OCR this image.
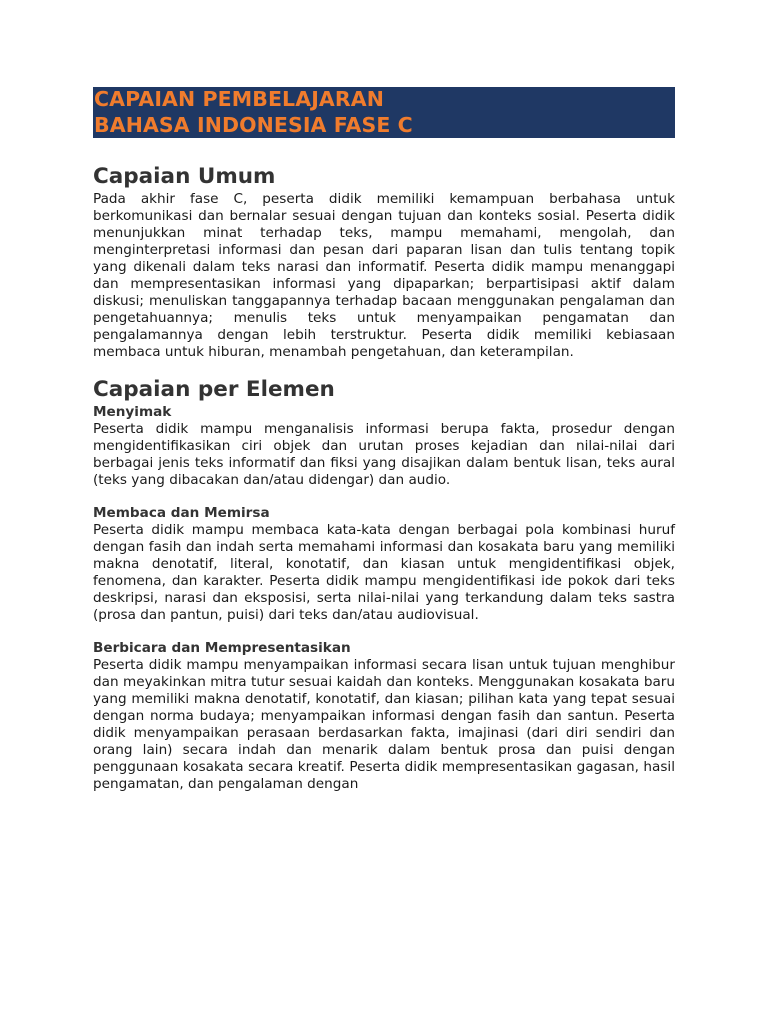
CAPAIAN PEMBELAJARAN
BAHASA INDONESIA FASE C
Capaian Umum

Pada akhir fase C, peserta didik memiliki kemampuan berbahasa untuk berkomunikasi dan bernalar sesuai dengan tujuan dan konteks sosial. Peserta didik menunjukkan minat terhadap teks, mampu memahami, mengolah, dan menginterpretasi informasi dan pesan dari paparan lisan dan tulis tentang topik yang dikenali dalam teks narasi dan informatif. Peserta didik mampu menanggapi dan mempresentasikan informasi yang dipaparkan; berpartisipasi aktif dalam diskusi; menuliskan tanggapannya terhadap bacaan menggunakan pengalaman dan pengetahuannya; menulis teks untuk menyampaikan pengamatan dan pengalamannya dengan lebih terstruktur. Peserta didik memiliki kebiasaan membaca untuk hiburan, menambah pengetahuan, dan keterampilan.

Capaian per Elemen
Menyimak

Peserta didik mampu menganalisis informasi berupa fakta, prosedur dengan mengidentifikasikan ciri objek dan urutan proses kejadian dan nilai-nilai dari berbagai jenis teks informatif dan fiksi yang disajikan dalam bentuk lisan, teks aural (teks yang dibacakan dan/atau didengar) dan audio.

Membaca dan Memirsa

Peserta didik mampu membaca kata-kata dengan berbagai pola kombinasi huruf dengan fasih dan indah serta memahami informasi dan kosakata baru yang memiliki makna denotatif, literal, konotatif, dan kiasan untuk mengidentifikasi objek, fenomena, dan karakter. Peserta didik mampu mengidentifikasi ide pokok dari teks deskripsi, narasi dan eksposisi, serta nilai-nilai yang terkandung dalam teks sastra (prosa dan pantun, puisi) dari teks dan/atau audiovisual.

Berbicara dan Mempresentasikan

Peserta didik mampu menyampaikan informasi secara lisan untuk tujuan menghibur dan meyakinkan mitra tutur sesuai kaidah dan konteks. Menggunakan kosakata baru yang memiliki makna denotatif, konotatif, dan kiasan; pilihan kata yang tepat sesuai dengan norma budaya; menyampaikan informasi dengan fasih dan santun. Peserta didik menyampaikan perasaan berdasarkan fakta, imajinasi (dari diri sendiri dan orang lain) secara indah dan menarik dalam bentuk prosa dan puisi dengan penggunaan kosakata secara kreatif. Peserta didik mempresentasikan gagasan, hasil pengamatan, dan pengalaman dengan
